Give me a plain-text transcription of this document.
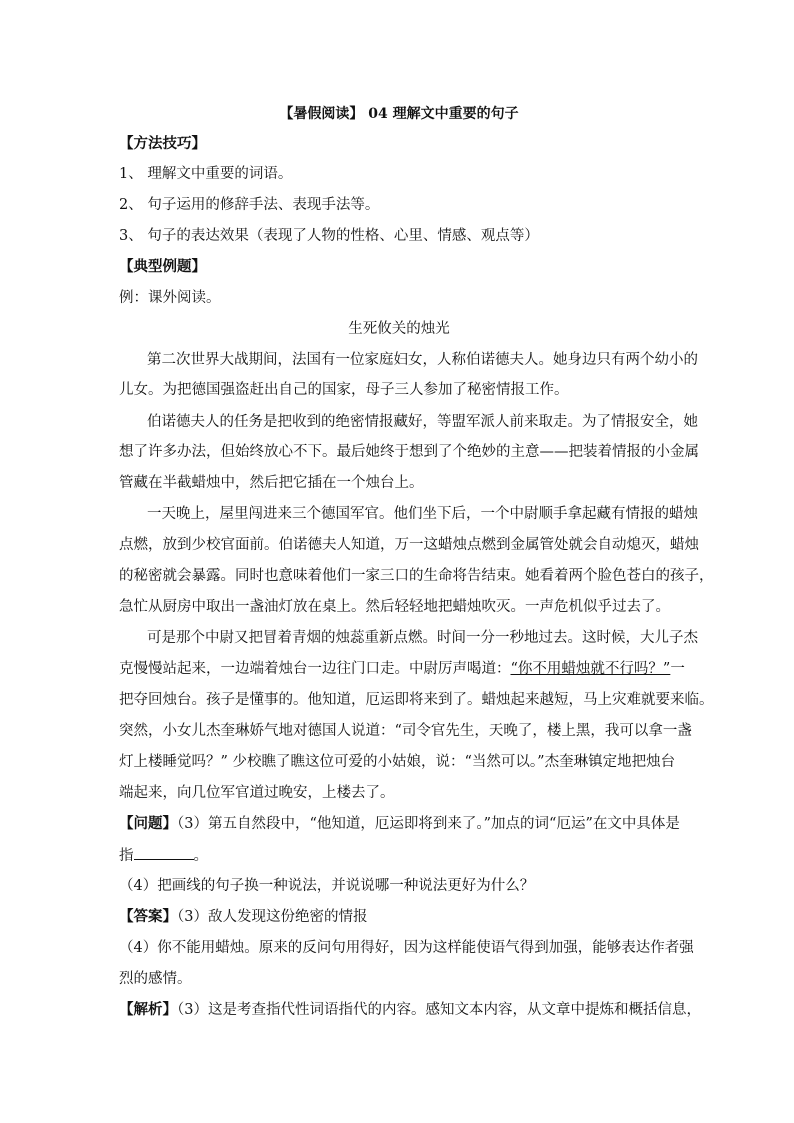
【暑假阅读】 04 理解文中重要的句子
【方法技巧】
1、 理解文中重要的词语。
2、 句子运用的修辞手法、表现手法等。
3、 句子的表达效果（表现了人物的性格、心里、情感、观点等）
【典型例题】
例：课外阅读。
生死攸关的烛光
第二次世界大战期间，法国有一位家庭妇女，人称伯诺德夫人。她身边只有两个幼小的
儿女。为把德国强盗赶出自己的国家，母子三人参加了秘密情报工作。
伯诺德夫人的任务是把收到的绝密情报藏好，等盟军派人前来取走。为了情报安全，她
想了许多办法，但始终放心不下。最后她终于想到了个绝妙的主意——把装着情报的小金属
管藏在半截蜡烛中，然后把它插在一个烛台上。
一天晚上，屋里闯进来三个德国军官。他们坐下后，一个中尉顺手拿起藏有情报的蜡烛
点燃，放到少校官面前。伯诺德夫人知道，万一这蜡烛点燃到金属管处就会自动熄灭，蜡烛
的秘密就会暴露。同时也意味着他们一家三口的生命将告结束。她看着两个脸色苍白的孩子，
急忙从厨房中取出一盏油灯放在桌上。然后轻轻地把蜡烛吹灭。一声危机似乎过去了。
可是那个中尉又把冒着青烟的烛蕊重新点燃。时间一分一秒地过去。这时候，大儿子杰
克慢慢站起来，一边端着烛台一边往门口走。中尉厉声喝道：“你不用蜡烛就不行吗？”一
把夺回烛台。孩子是懂事的。他知道，厄运即将来到了。蜡烛起来越短，马上灾难就要来临。
突然，小女儿杰奎琳娇气地对德国人说道：“司令官先生，天晚了，楼上黑，我可以拿一盏
灯上楼睡觉吗？” 少校瞧了瞧这位可爱的小姑娘，说：“当然可以。”杰奎琳镇定地把烛台
端起来，向几位军官道过晚安，上楼去了。
【问题】（3）第五自然段中，“他知道，厄运即将到来了。”加点的词“厄运”在文中具体是
指	。
（4）把画线的句子换一种说法，并说说哪一种说法更好为什么？
【答案】（3）敌人发现这份绝密的情报
（4）你不能用蜡烛。原来的反问句用得好，因为这样能使语气得到加强，能够表达作者强
烈的感情。
【解析】（3）这是考查指代性词语指代的内容。感知文本内容，从文章中提炼和概括信息，
